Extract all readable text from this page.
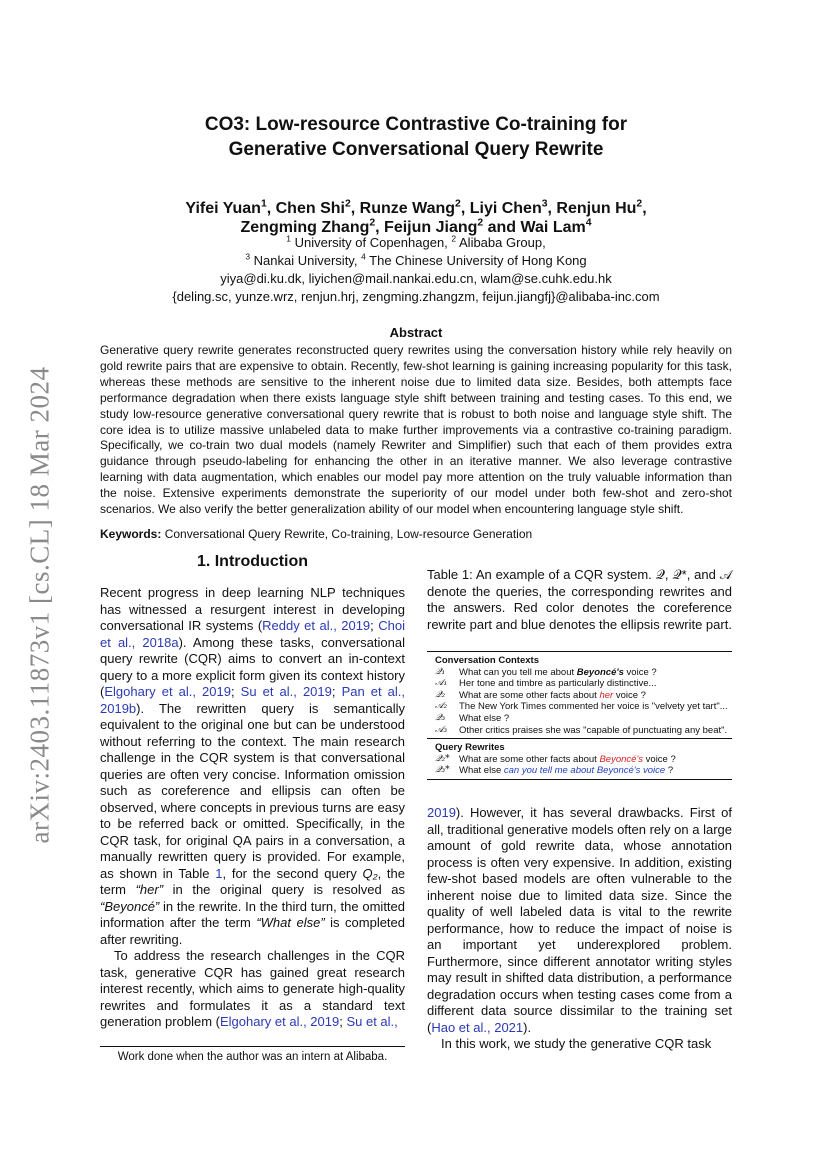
arXiv:2403.11873v1 [cs.CL] 18 Mar 2024
CO3: Low-resource Contrastive Co-training for
Generative Conversational Query Rewrite
Yifei Yuan$^1$, Chen Shi$^2$, Runze Wang$^2$, Liyi Chen$^3$, Renjun Hu$^2$,
Zengming Zhang$^2$, Feijun Jiang$^2$ and Wai Lam$^4$
$^1$ University of Copenhagen, $^2$ Alibaba Group,
$^3$ Nankai University, $^4$ The Chinese University of Hong Kong
yiya@di.ku.dk, liyichen@mail.nankai.edu.cn, wlam@se.cuhk.edu.hk
{deling.sc, yunze.wrz, renjun.hrj, zengming.zhangzm, feijun.jiangfj}@alibaba-inc.com
Abstract
Generative query rewrite generates reconstructed query rewrites using the conversation history while rely heavily on gold rewrite pairs that are expensive to obtain. Recently, few-shot learning is gaining increasing popularity for this task, whereas these methods are sensitive to the inherent noise due to limited data size. Besides, both attempts face performance degradation when there exists language style shift between training and testing cases. To this end, we study low-resource generative conversational query rewrite that is robust to both noise and language style shift. The core idea is to utilize massive unlabeled data to make further improvements via a contrastive co-training paradigm. Specifically, we co-train two dual models (namely Rewriter and Simplifier) such that each of them provides extra guidance through pseudo-labeling for enhancing the other in an iterative manner. We also leverage contrastive learning with data augmentation, which enables our model pay more attention on the truly valuable information than the noise. Extensive experiments demonstrate the superiority of our model under both few-shot and zero-shot scenarios. We also verify the better generalization ability of our model when encountering language style shift.
Keywords: Conversational Query Rewrite, Co-training, Low-resource Generation
1. Introduction

Recent progress in deep learning NLP techniques has witnessed a resurgent interest in developing conversational IR systems (Reddy et al., 2019; Choi et al., 2018a). Among these tasks, conversational query rewrite (CQR) aims to convert an in-context query to a more explicit form given its context history (Elgohary et al., 2019; Su et al., 2019; Pan et al., 2019b). The rewritten query is semantically equivalent to the original one but can be understood without referring to the context. The main research challenge in the CQR system is that conversational queries are often very concise. Information omission such as coreference and ellipsis can often be observed, where concepts in previous turns are easy to be referred back or omitted. Specifically, in the CQR task, for original QA pairs in a conversation, a manually rewritten query is provided. For example, as shown in Table 1, for the second query Q₂, the term “her” in the original query is resolved as “Beyoncé” in the rewrite. In the third turn, the omitted information after the term “What else” is completed after rewriting.

To address the research challenges in the CQR task, generative CQR has gained great research interest recently, which aims to generate high-quality rewrites and formulates it as a standard text generation problem (Elgohary et al., 2019; Su et al.,

Table 1: An example of a CQR system. 𝒬, 𝒬*, and 𝒜 denote the queries, the corresponding rewrites and the answers. Red color denotes the coreference rewrite part and blue denotes the ellipsis rewrite part.
Conversation Contexts
𝒬₁	What can you tell me about Beyoncé's voice ?
𝒜₁	Her tone and timbre as particularly distinctive...
𝒬₂	What are some other facts about her voice ?
𝒜₂	The New York Times commented her voice is "velvety yet tart"...
𝒬₃	What else ?
𝒜₃	Other critics praises she was "capable of punctuating any beat".
Query Rewrites
𝒬₂* What are some other facts about Beyoncé's voice ?
𝒬₃* What else can you tell me about Beyoncé's voice ?

2019). However, it has several drawbacks. First of all, traditional generative models often rely on a large amount of gold rewrite data, whose annotation process is often very expensive. In addition, existing few-shot based models are often vulnerable to the inherent noise due to limited data size. Since the quality of well labeled data is vital to the rewrite performance, how to reduce the impact of noise is an important yet underexplored problem. Furthermore, since different annotator writing styles may result in shifted data distribution, a performance degradation occurs when testing cases come from a different data source dissimilar to the training set (Hao et al., 2021).

In this work, we study the generative CQR task

Work done when the author was an intern at Alibaba.
